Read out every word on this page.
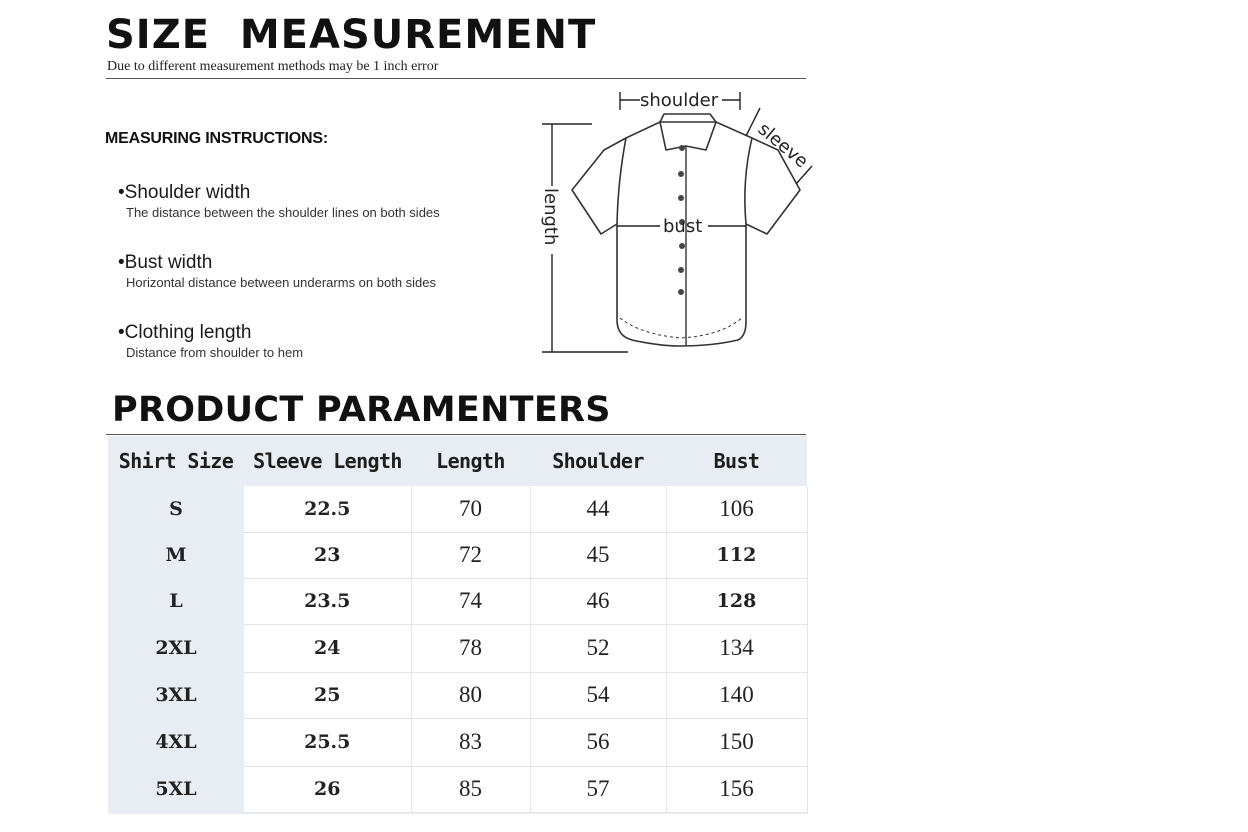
SIZE  MEASUREMENT
Due to different measurement methods may be 1 inch error
MEASURING INSTRUCTIONS:
•Shoulder width
The distance between the shoulder lines on both sides
•Bust width
Horizontal distance between underarms on both sides
•Clothing length
Distance from shoulder to hem
shoulder
bust
length
sleeve
PRODUCT PARAMENTERS
Shirt Size	Sleeve Length	Length	Shoulder	Bust
S	22.5	70	44	106
M	23	72	45	112
L	23.5	74	46	128
2XL	24	78	52	134
3XL	25	80	54	140
4XL	25.5	83	56	150
5XL	26	85	57	156
